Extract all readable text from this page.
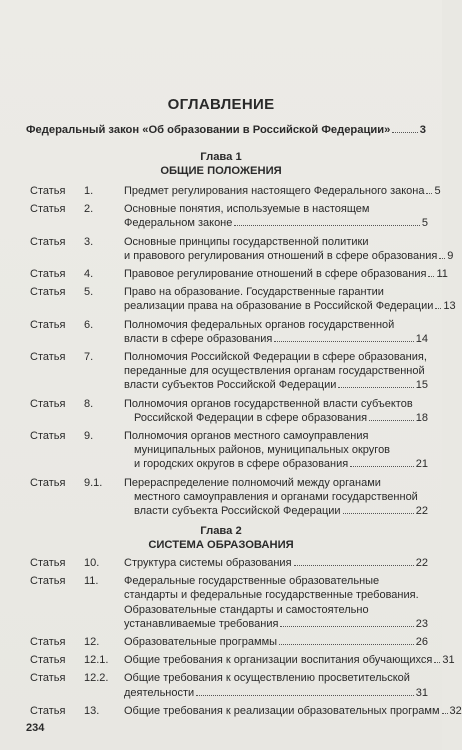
ОГЛАВЛЕНИЕ
Федеральный закон «Об образовании в Российской Федерации»	3
Глава 1
ОБЩИЕ ПОЛОЖЕНИЯ
Статья	1.	Предмет регулирования настоящего Федерального закона 5
Статья	2.	Основные понятия, используемые в настоящем
Федеральном законе	5
Статья	3.	Основные принципы государственной политики
и правового регулирования отношений в сфере образования 9
Статья	4.	Правовое регулирование отношений в сфере образования 11
Статья	5.	Право на образование. Государственные гарантии
реализации права на образование в Российской Федерации 13
Статья	6.	Полномочия федеральных органов государственной
власти в сфере образования	14
Статья	7.	Полномочия Российской Федерации в сфере образования,
переданные для осуществления органам государственной
власти субъектов Российской Федерации	15
Статья	8.	Полномочия органов государственной власти субъектов
Российской Федерации в сфере образования	18
Статья	9.	Полномочия органов местного самоуправления
муниципальных районов, муниципальных округов
и городских округов в сфере образования	21
Статья	9.1.	Перераспределение полномочий между органами
местного самоуправления и органами государственной
власти субъекта Российской Федерации	22
Глава 2
СИСТЕМА ОБРАЗОВАНИЯ
Статья	10.	Структура системы образования	22
Статья	11.	Федеральные государственные образовательные
стандарты и федеральные государственные требования.
Образовательные стандарты и самостоятельно
устанавливаемые требования	23
Статья	12.	Образовательные программы	26
Статья	12.1.	Общие требования к организации воспитания обучающихся 31
Статья	12.2.	Общие требования к осуществлению просветительской
деятельности	31
Статья	13.	Общие требования к реализации образовательных программ 32
234
